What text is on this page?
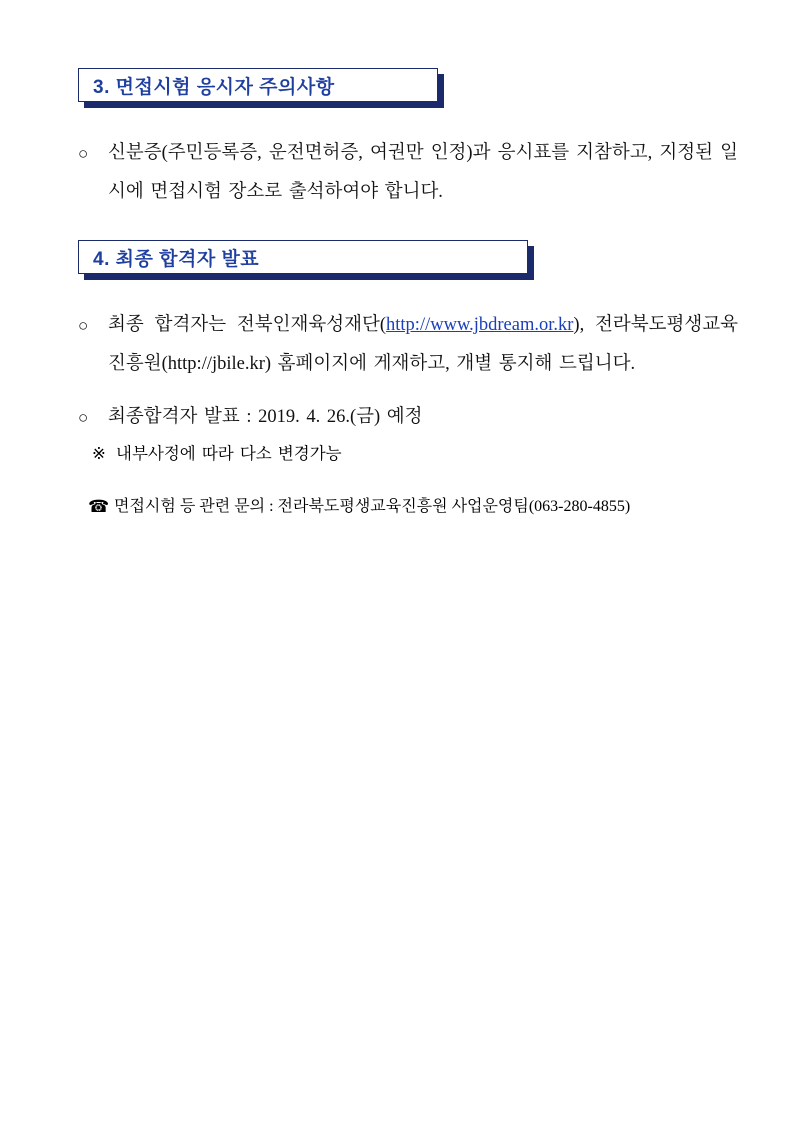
3. 면접시험 응시자 주의사항
○	신분증(주민등록증, 운전면허증, 여권만 인정)과 응시표를 지참하고, 지정된 일시에 면접시험 장소로 출석하여야 합니다.
4. 최종 합격자 발표
○	최종 합격자는 전북인재육성재단(http://www.jbdream.or.kr), 전라북도평생교육진흥원(http://jbile.kr) 홈페이지에 게재하고, 개별 통지해 드립니다.
○	최종합격자 발표 : 2019. 4. 26.(금) 예정
※ 내부사정에 따라 다소 변경가능
☎ 면접시험 등 관련 문의 : 전라북도평생교육진흥원 사업운영팀(063-280-4855)
